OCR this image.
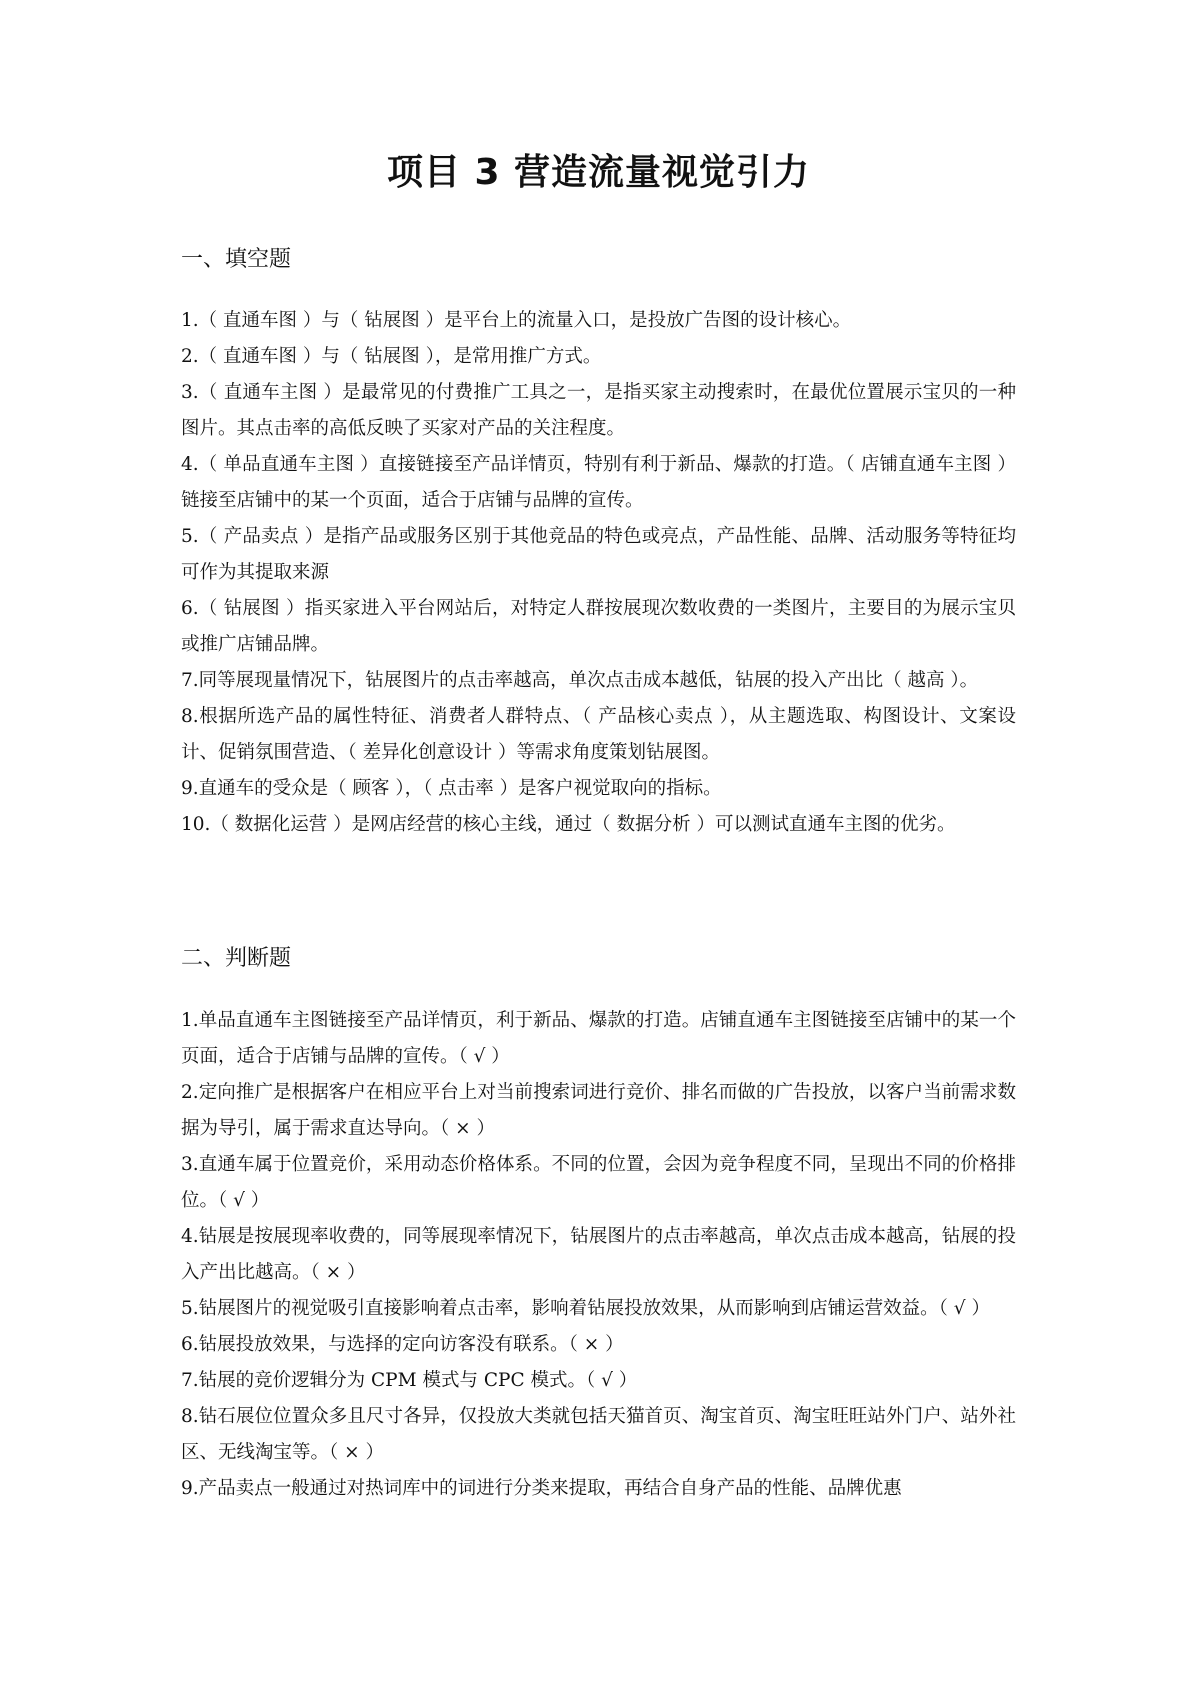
项目 3 营造流量视觉引力
一、填空题
1.（ 直通车图 ）与（ 钻展图 ）是平台上的流量入口，是投放广告图的设计核心。
2.（ 直通车图 ）与（ 钻展图 ），是常用推广方式。
3.（ 直通车主图 ）是最常见的付费推广工具之一，是指买家主动搜索时，在最优位置展示宝贝的一种图片。其点击率的高低反映了买家对产品的关注程度。
4.（ 单品直通车主图 ）直接链接至产品详情页，特别有利于新品、爆款的打造。（ 店铺直通车主图 ）链接至店铺中的某一个页面，适合于店铺与品牌的宣传。
5.（ 产品卖点 ）是指产品或服务区别于其他竞品的特色或亮点，产品性能、品牌、活动服务等特征均可作为其提取来源
6.（ 钻展图 ）指买家进入平台网站后，对特定人群按展现次数收费的一类图片，主要目的为展示宝贝或推广店铺品牌。
7.同等展现量情况下，钻展图片的点击率越高，单次点击成本越低，钻展的投入产出比（ 越高 ）。
8.根据所选产品的属性特征、消费者人群特点、（ 产品核心卖点 ），从主题选取、构图设计、文案设计、促销氛围营造、（ 差异化创意设计 ）等需求角度策划钻展图。
9.直通车的受众是（ 顾客 ），（ 点击率 ）是客户视觉取向的指标。
10.（ 数据化运营 ）是网店经营的核心主线，通过（ 数据分析 ）可以测试直通车主图的优劣。
二、判断题
1.单品直通车主图链接至产品详情页，利于新品、爆款的打造。店铺直通车主图链接至店铺中的某一个页面，适合于店铺与品牌的宣传。（ √ ）
2.定向推广是根据客户在相应平台上对当前搜索词进行竞价、排名而做的广告投放，以客户当前需求数据为导引，属于需求直达导向。（ × ）
3.直通车属于位置竞价，采用动态价格体系。不同的位置，会因为竞争程度不同，呈现出不同的价格排位。（ √ ）
4.钻展是按展现率收费的，同等展现率情况下，钻展图片的点击率越高，单次点击成本越高，钻展的投入产出比越高。（ × ）
5.钻展图片的视觉吸引直接影响着点击率，影响着钻展投放效果，从而影响到店铺运营效益。（ √ ）
6.钻展投放效果，与选择的定向访客没有联系。（ × ）
7.钻展的竞价逻辑分为 CPM 模式与 CPC 模式。（ √ ）
8.钻石展位位置众多且尺寸各异，仅投放大类就包括天猫首页、淘宝首页、淘宝旺旺站外门户、站外社区、无线淘宝等。（ × ）
9.产品卖点一般通过对热词库中的词进行分类来提取，再结合自身产品的性能、品牌优惠
